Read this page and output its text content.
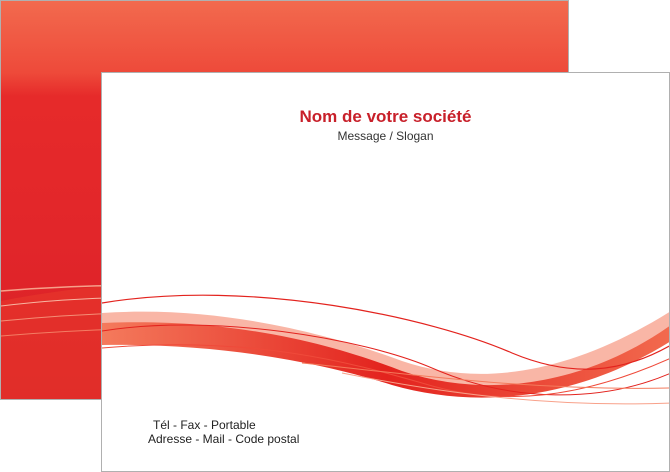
Nom de votre société
Message / Slogan
Tél - Fax - Portable
Adresse - Mail - Code postal
